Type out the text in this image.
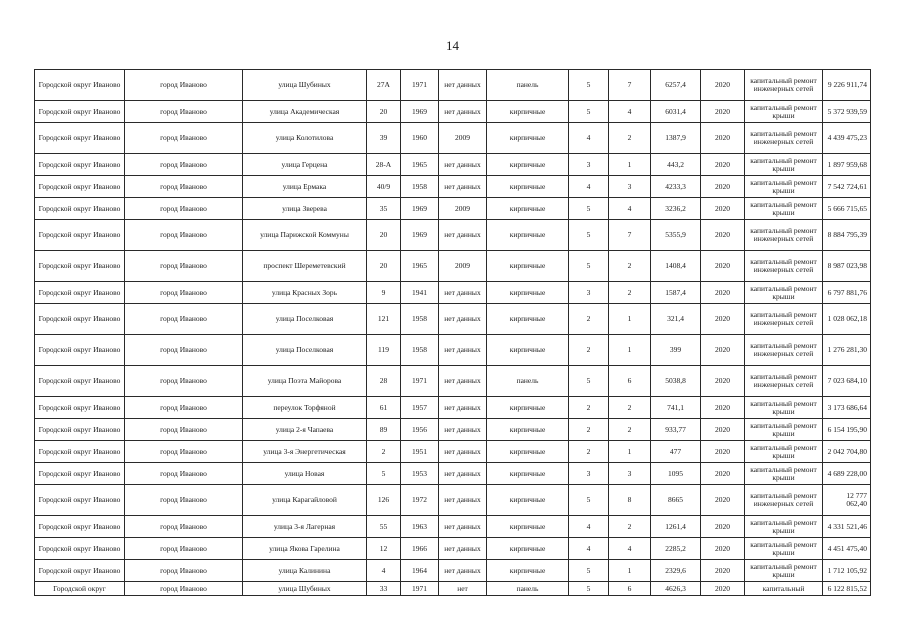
14
Городской округ Иваново	город Иваново	улица Шубиных	27А	1971	нет данных	панель	5	7	6257,4	2020	капитальный ремонт инженерных сетей	9 226 911,74
Городской округ Иваново	город Иваново	улица Академическая	20	1969	нет данных	кирпичные	5	4	6031,4	2020	капитальный ремонт крыши	5 372 939,59
Городской округ Иваново	город Иваново	улица Колотилова	39	1960	2009	кирпичные	4	2	1387,9	2020	капитальный ремонт инженерных сетей	4 439 475,23
Городской округ Иваново	город Иваново	улица Герцена	28-А	1965	нет данных	кирпичные	3	1	443,2	2020	капитальный ремонт крыши	1 897 959,68
Городской округ Иваново	город Иваново	улица Ермака	40/9	1958	нет данных	кирпичные	4	3	4233,3	2020	капитальный ремонт крыши	7 542 724,61
Городской округ Иваново	город Иваново	улица Зверева	35	1969	2009	кирпичные	5	4	3236,2	2020	капитальный ремонт крыши	5 666 715,65
Городской округ Иваново	город Иваново	улица Парижской Коммуны	20	1969	нет данных	кирпичные	5	7	5355,9	2020	капитальный ремонт инженерных сетей	8 884 795,39
Городской округ Иваново	город Иваново	проспект Шереметевский	20	1965	2009	кирпичные	5	2	1408,4	2020	капитальный ремонт инженерных сетей	8 987 023,98
Городской округ Иваново	город Иваново	улица Красных Зорь	9	1941	нет данных	кирпичные	3	2	1587,4	2020	капитальный ремонт крыши	6 797 881,76
Городской округ Иваново	город Иваново	улица Поселковая	121	1958	нет данных	кирпичные	2	1	321,4	2020	капитальный ремонт инженерных сетей	1 028 062,18
Городской округ Иваново	город Иваново	улица Поселковая	119	1958	нет данных	кирпичные	2	1	399	2020	капитальный ремонт инженерных сетей	1 276 281,30
Городской округ Иваново	город Иваново	улица Поэта Майорова	28	1971	нет данных	панель	5	6	5038,8	2020	капитальный ремонт инженерных сетей	7 023 684,10
Городской округ Иваново	город Иваново	переулок Торфяной	61	1957	нет данных	кирпичные	2	2	741,1	2020	капитальный ремонт крыши	3 173 686,64
Городской округ Иваново	город Иваново	улица 2-я Чапаева	89	1956	нет данных	кирпичные	2	2	933,77	2020	капитальный ремонт крыши	6 154 195,90
Городской округ Иваново	город Иваново	улица 3-я Энергетическая	2	1951	нет данных	кирпичные	2	1	477	2020	капитальный ремонт крыши	2 042 704,80
Городской округ Иваново	город Иваново	улица Новая	5	1953	нет данных	кирпичные	3	3	1095	2020	капитальный ремонт крыши	4 689 228,00
Городской округ Иваново	город Иваново	улица Карагайловой	126	1972	нет данных	кирпичные	5	8	8665	2020	капитальный ремонт инженерных сетей	12 777 062,40
Городской округ Иваново	город Иваново	улица 3-я Лагерная	55	1963	нет данных	кирпичные	4	2	1261,4	2020	капитальный ремонт крыши	4 331 521,46
Городской округ Иваново	город Иваново	улица Якова Гарелина	12	1966	нет данных	кирпичные	4	4	2285,2	2020	капитальный ремонт крыши	4 451 475,40
Городской округ Иваново	город Иваново	улица Калинина	4	1964	нет данных	кирпичные	5	1	2329,6	2020	капитальный ремонт крыши	1 712 105,92
Городской округ	город Иваново	улица Шубиных	33	1971	нет	панель	5	6	4626,3	2020	капитальный	6 122 815,52
